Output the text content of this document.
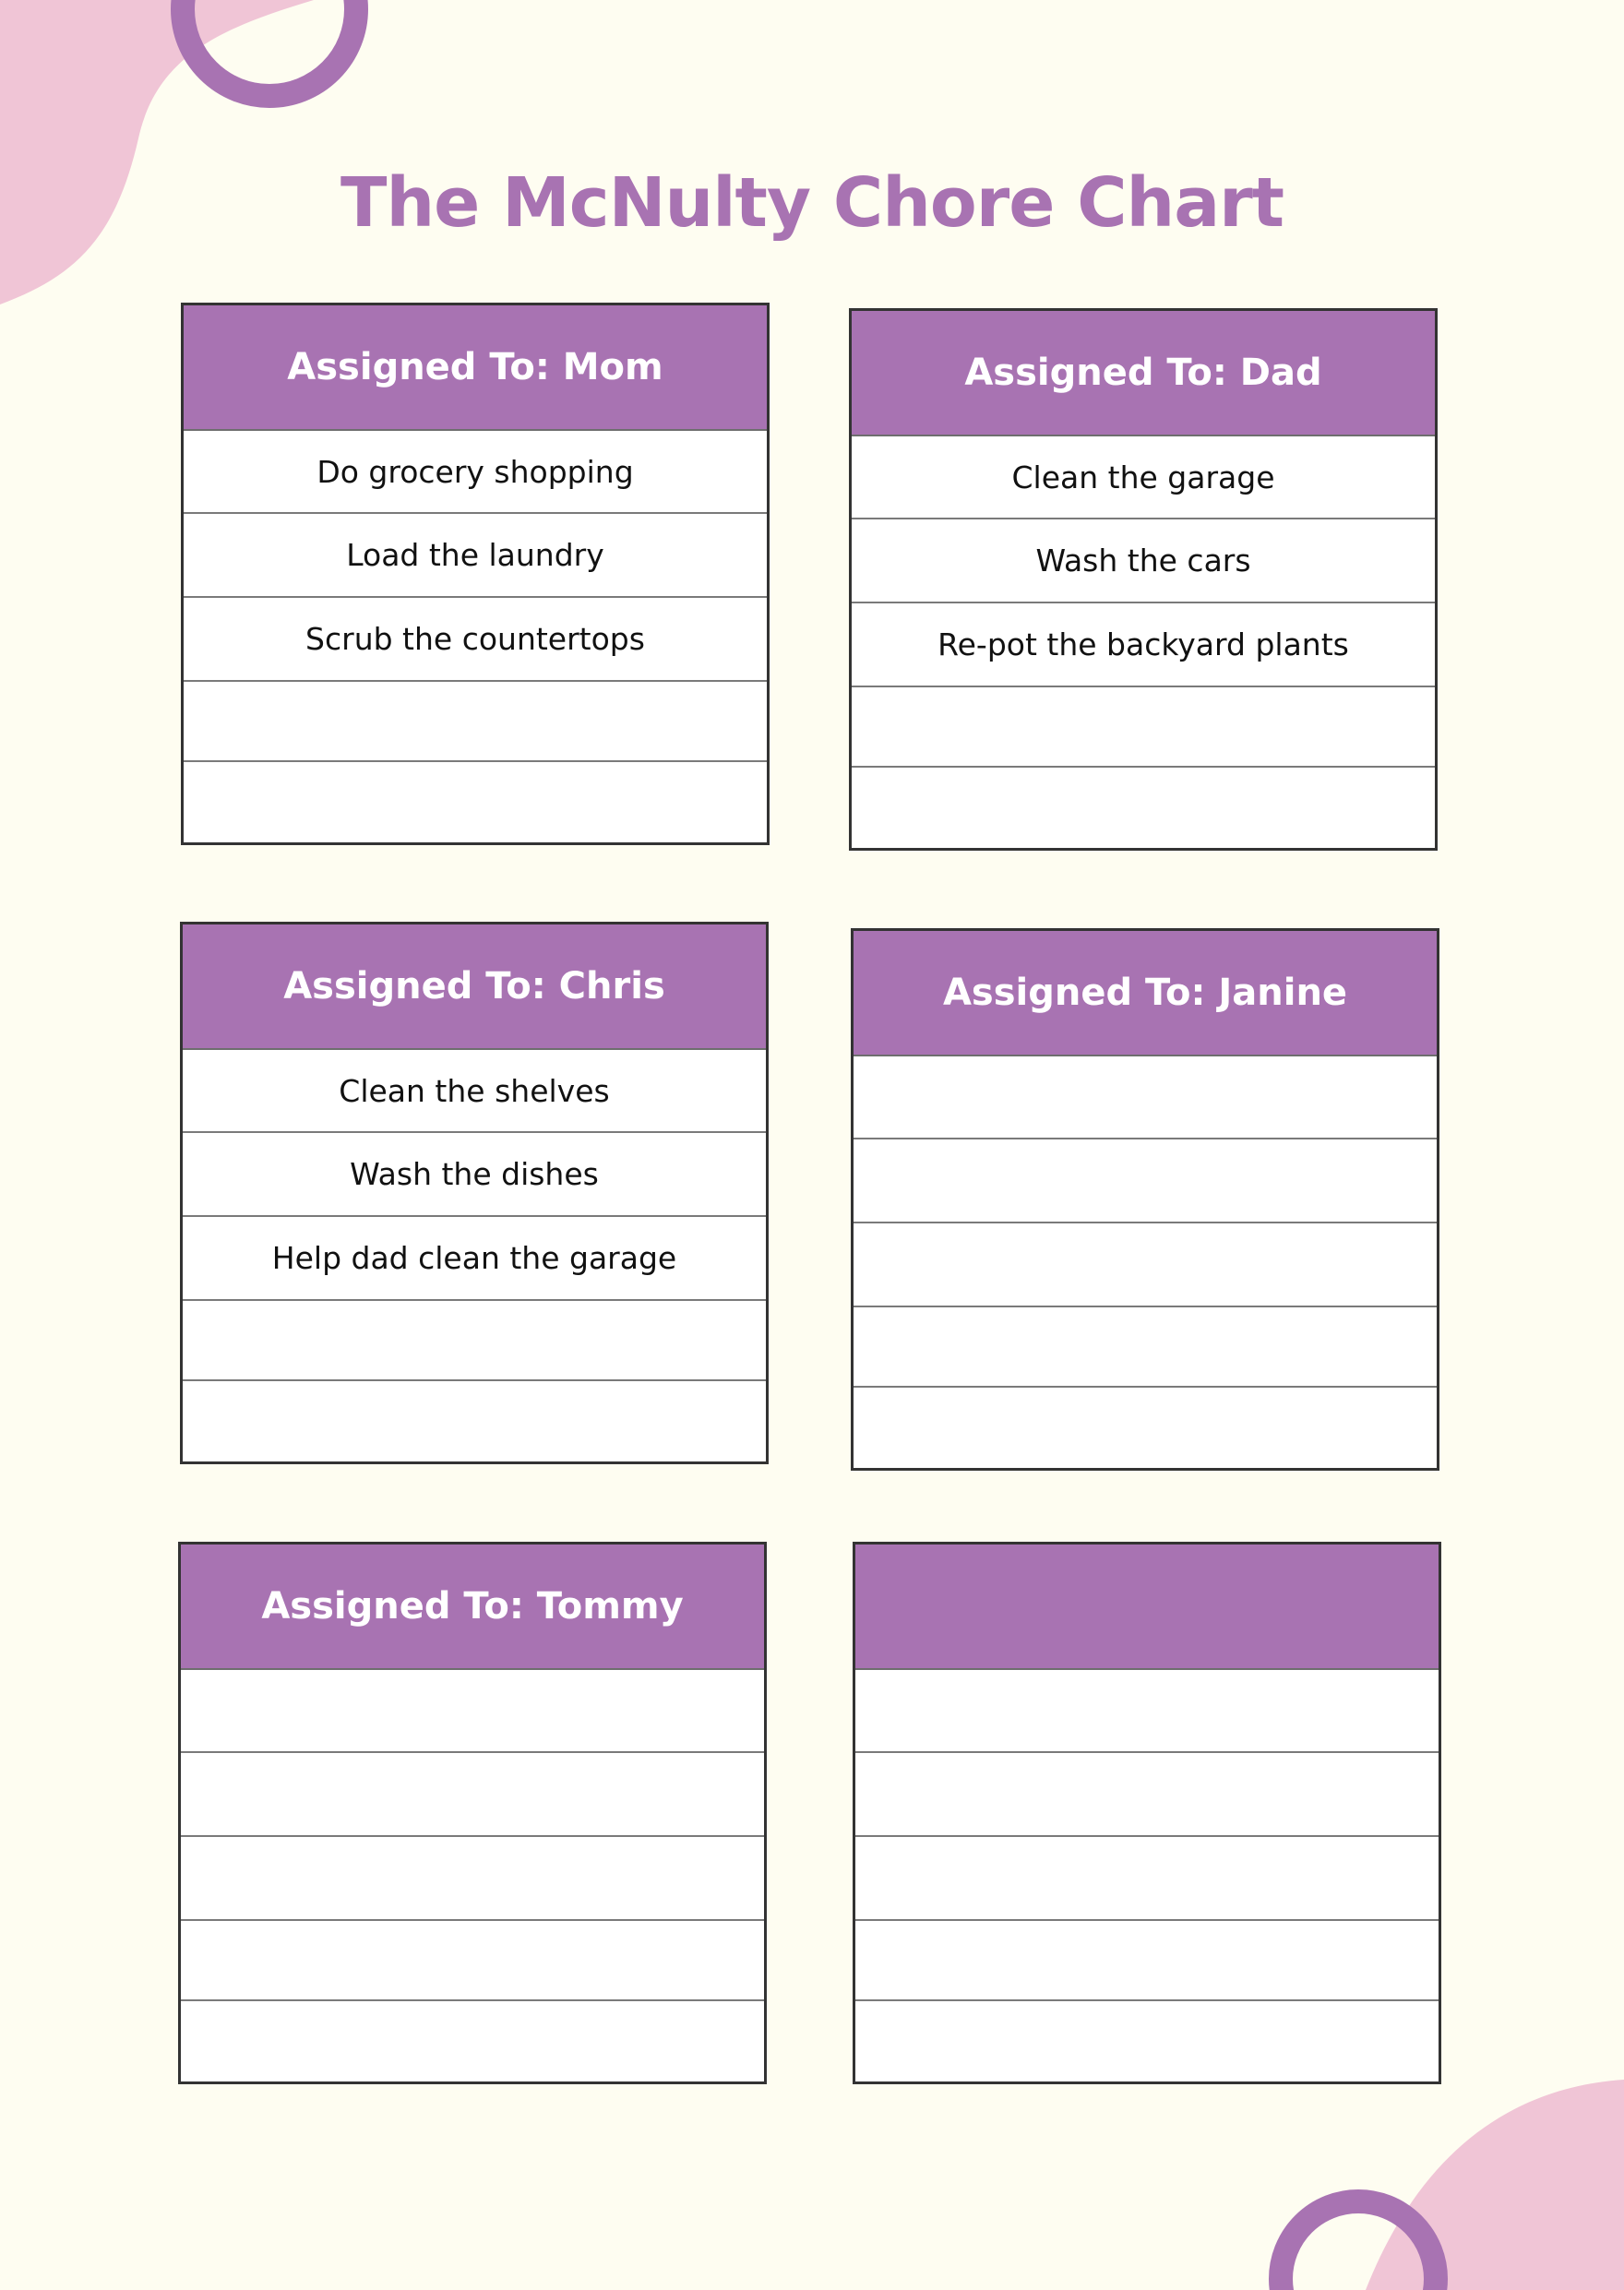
The McNulty Chore Chart
Assigned To: Mom
Do grocery shopping
Load the laundry
Scrub the countertops
Assigned To: Dad
Clean the garage
Wash the cars
Re-pot the backyard plants
Assigned To: Chris
Clean the shelves
Wash the dishes
Help dad clean the garage
Assigned To: Janine
Assigned To: Tommy
